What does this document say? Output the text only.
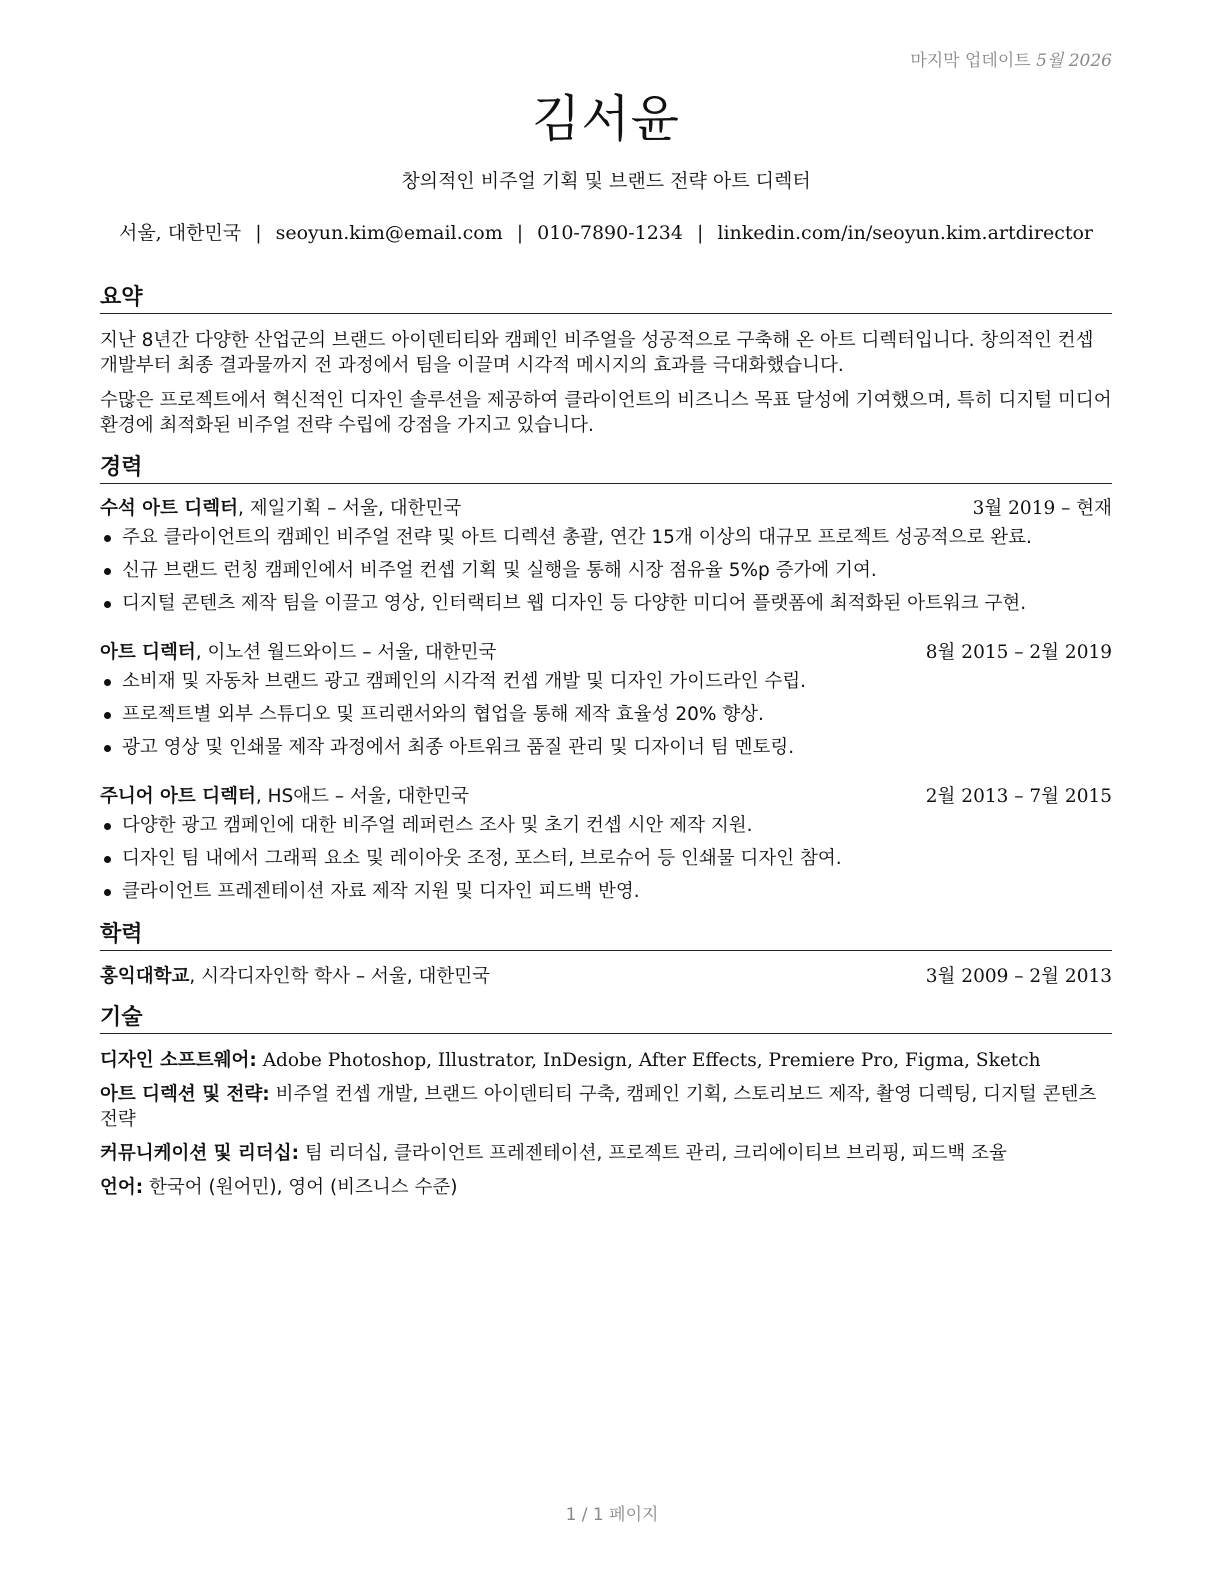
마지막 업데이트 5월 2026
김서윤
창의적인 비주얼 기획 및 브랜드 전략 아트 디렉터
서울, 대한민국 | seoyun.kim@email.com | 010-7890-1234 | linkedin.com/in/seoyun.kim.artdirector
요약

지난 8년간 다양한 산업군의 브랜드 아이덴티티와 캠페인 비주얼을 성공적으로 구축해 온 아트 디렉터입니다. 창의적인 컨셉 개발부터 최종 결과물까지 전 과정에서 팀을 이끌며 시각적 메시지의 효과를 극대화했습니다.

수많은 프로젝트에서 혁신적인 디자인 솔루션을 제공하여 클라이언트의 비즈니스 목표 달성에 기여했으며, 특히 디지털 미디어 환경에 최적화된 비주얼 전략 수립에 강점을 가지고 있습니다.

경력
수석 아트 디렉터, 제일기획 – 서울, 대한민국	3월 2019 – 현재
주요 클라이언트의 캠페인 비주얼 전략 및 아트 디렉션 총괄, 연간 15개 이상의 대규모 프로젝트 성공적으로 완료.
신규 브랜드 런칭 캠페인에서 비주얼 컨셉 기획 및 실행을 통해 시장 점유율 5%p 증가에 기여.
디지털 콘텐츠 제작 팀을 이끌고 영상, 인터랙티브 웹 디자인 등 다양한 미디어 플랫폼에 최적화된 아트워크 구현.
아트 디렉터, 이노션 월드와이드 – 서울, 대한민국	8월 2015 – 2월 2019
소비재 및 자동차 브랜드 광고 캠페인의 시각적 컨셉 개발 및 디자인 가이드라인 수립.
프로젝트별 외부 스튜디오 및 프리랜서와의 협업을 통해 제작 효율성 20% 향상.
광고 영상 및 인쇄물 제작 과정에서 최종 아트워크 품질 관리 및 디자이너 팀 멘토링.
주니어 아트 디렉터, HS애드 – 서울, 대한민국	2월 2013 – 7월 2015
다양한 광고 캠페인에 대한 비주얼 레퍼런스 조사 및 초기 컨셉 시안 제작 지원.
디자인 팀 내에서 그래픽 요소 및 레이아웃 조정, 포스터, 브로슈어 등 인쇄물 디자인 참여.
클라이언트 프레젠테이션 자료 제작 지원 및 디자인 피드백 반영.
학력
홍익대학교, 시각디자인학 학사 – 서울, 대한민국	3월 2009 – 2월 2013
기술
디자인 소프트웨어: Adobe Photoshop, Illustrator, InDesign, After Effects, Premiere Pro, Figma, Sketch
아트 디렉션 및 전략: 비주얼 컨셉 개발, 브랜드 아이덴티티 구축, 캠페인 기획, 스토리보드 제작, 촬영 디렉팅, 디지털 콘텐츠 전략
커뮤니케이션 및 리더십: 팀 리더십, 클라이언트 프레젠테이션, 프로젝트 관리, 크리에이티브 브리핑, 피드백 조율
언어: 한국어 (원어민), 영어 (비즈니스 수준)
1 / 1 페이지
